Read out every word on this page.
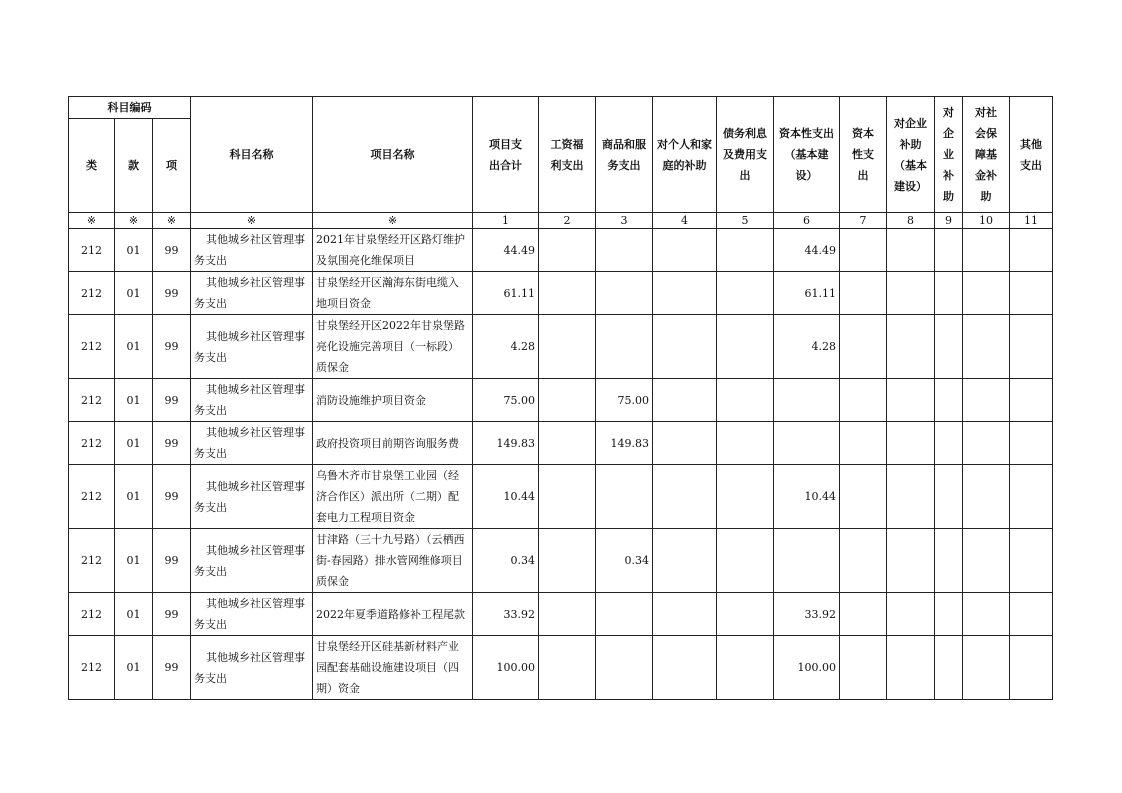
科目编码			科目名称	项目名称	项目支出合计	工资福利支出	商品和服务支出	对个人和家庭的补助	债务利息及费用支出	资本性支出（基本建设）	资本性支出	对企业补助（基本建设）	对企业补助	对社会保障基金补助	其他支出
类	款	项													
※	※	※	※	※	1	2	3	4	5	6	7	8	9	10	11
212	01	99	其他城乡社区管理事务支出	2021年甘泉堡经开区路灯维护及氛围亮化维保项目	44.49					44.49					
212	01	99	其他城乡社区管理事务支出	甘泉堡经开区瀚海东街电缆入地项目资金	61.11					61.11					
212	01	99	其他城乡社区管理事务支出	甘泉堡经开区2022年甘泉堡路亮化设施完善项目（一标段）质保金	4.28					4.28					
212	01	99	其他城乡社区管理事务支出	消防设施维护项目资金	75.00		75.00								
212	01	99	其他城乡社区管理事务支出	政府投资项目前期咨询服务费	149.83		149.83								
212	01	99	其他城乡社区管理事务支出	乌鲁木齐市甘泉堡工业园（经济合作区）派出所（二期）配套电力工程项目资金	10.44					10.44					
212	01	99	其他城乡社区管理事务支出	甘津路（三十九号路）（云栖西街-春园路）排水管网维修项目质保金	0.34		0.34								
212	01	99	其他城乡社区管理事务支出	2022年夏季道路修补工程尾款	33.92					33.92					
212	01	99	其他城乡社区管理事务支出	甘泉堡经开区硅基新材料产业园配套基础设施建设项目（四期）资金	100.00					100.00					
